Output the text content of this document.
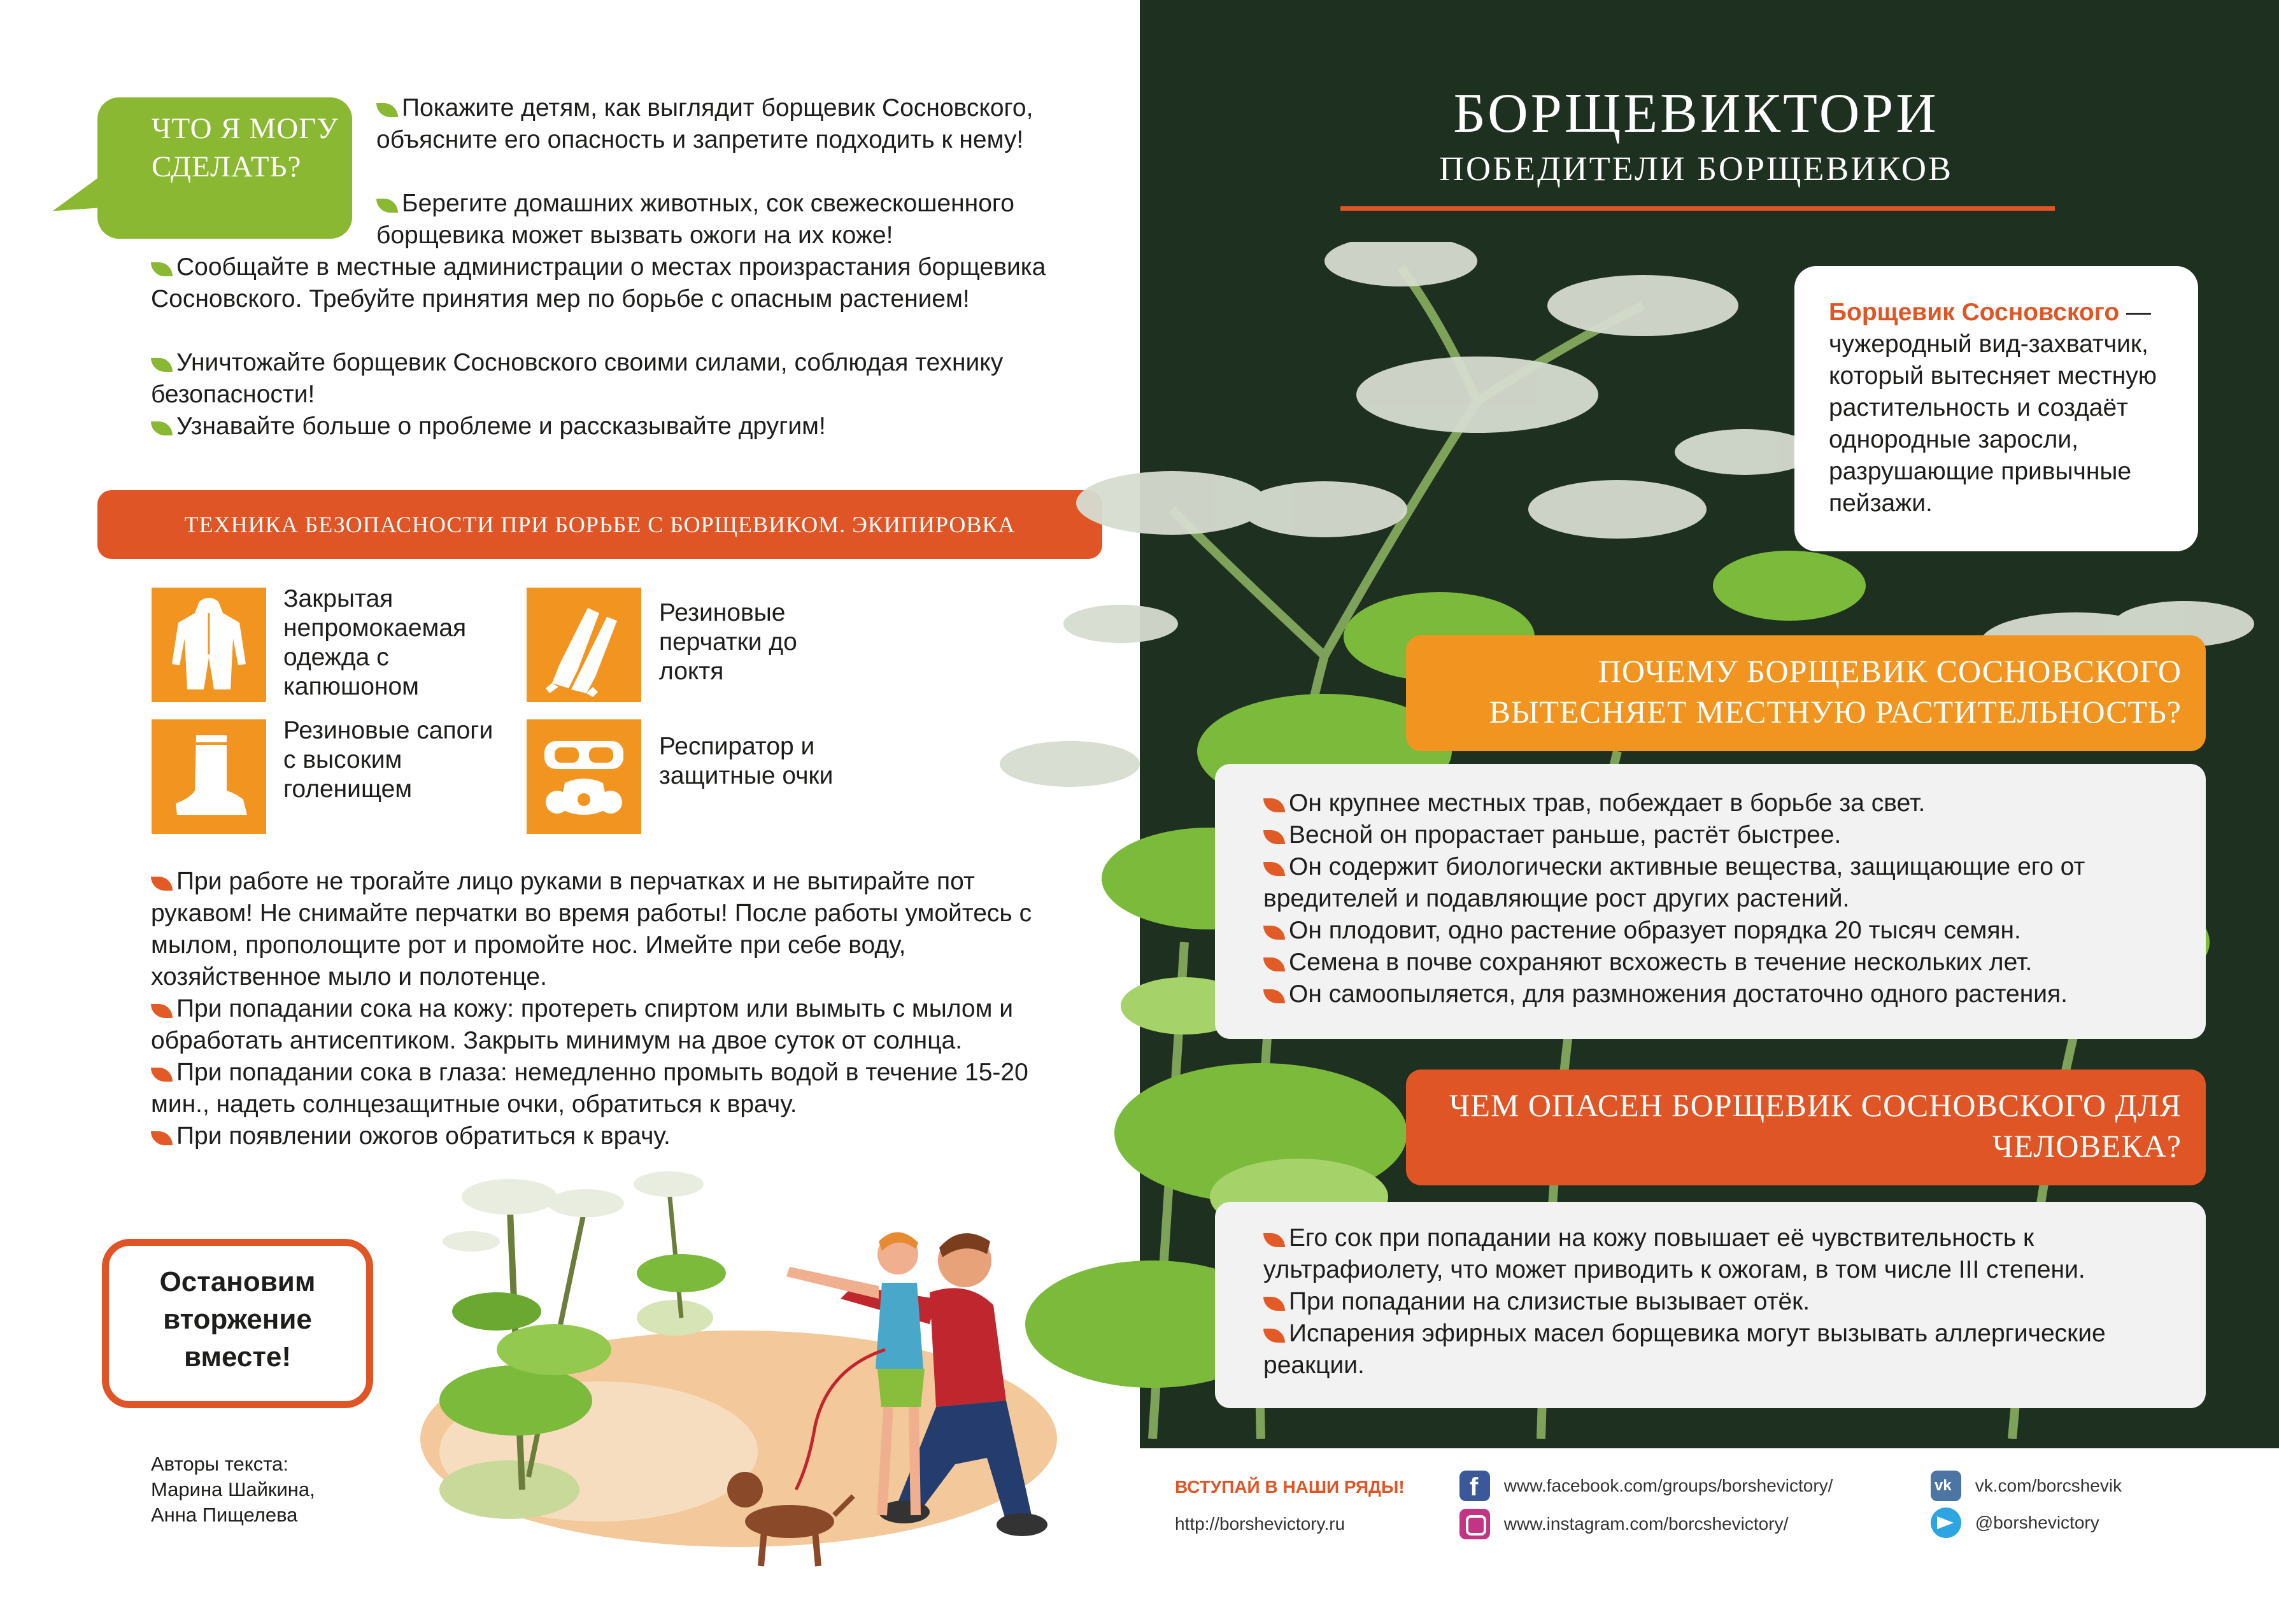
ЧТО Я МОГУ СДЕЛАТЬ?
Покажите детям, как выглядит борщевик Сосновского, объясните его опасность и запретите подходить к нему!
Берегите домашних животных, сок свежескошенного борщевика может вызвать ожоги на их коже!
Сообщайте в местные администрации о местах произрастания борщевика Сосновского. Требуйте принятия мер по борьбе с опасным растением!
Уничтожайте борщевик Сосновского своими силами, соблюдая технику безопасности!
Узнавайте больше о проблеме и рассказывайте другим!
ТЕХНИКА БЕЗОПАСНОСТИ ПРИ БОРЬБЕ С БОРЩЕВИКОМ. ЭКИПИРОВКА
Закрытая непромокаемая одежда с капюшоном
Резиновые перчатки до локтя
Резиновые сапоги с высоким голенищем
Респиратор и защитные очки
При работе не трогайте лицо руками в перчатках и не вытирайте пот рукавом! Не снимайте перчатки во время работы! После работы умойтесь с мылом, прополощите рот и промойте нос. Имейте при себе воду, хозяйственное мыло и полотенце.
При попадании сока на кожу: протереть спиртом или вымыть с мылом и обработать антисептиком. Закрыть минимум на двое суток от солнца.
При попадании сока в глаза: немедленно промыть водой в течение 15-20 мин., надеть солнцезащитные очки, обратиться к врачу.
При появлении ожогов обратиться к врачу.
Остановим вторжение вместе!
Авторы текста:
Марина Шайкина,
Анна Пищелева
БОРЩЕВИКТОРИ
ПОБЕДИТЕЛИ БОРЩЕВИКОВ
Борщевик Сосновского — чужеродный вид-захватчик, который вытесняет местную растительность и создаёт однородные заросли, разрушающие привычные пейзажи.
ПОЧЕМУ БОРЩЕВИК СОСНОВСКОГО ВЫТЕСНЯЕТ МЕСТНУЮ РАСТИТЕЛЬНОСТЬ?
Он крупнее местных трав, побеждает в борьбе за свет.
Весной он прорастает раньше, растёт быстрее.
Он содержит биологически активные вещества, защищающие его от вредителей и подавляющие рост других растений.
Он плодовит, одно растение образует порядка 20 тысяч семян.
Семена в почве сохраняют всхожесть в течение нескольких лет.
Он самоопыляется, для размножения достаточно одного растения.
ЧЕМ ОПАСЕН БОРЩЕВИК СОСНОВСКОГО ДЛЯ ЧЕЛОВЕКА?
Его сок при попадании на кожу повышает её чувствительность к ультрафиолету, что может приводить к ожогам, в том числе III степени.
При попадании на слизистые вызывает отёк.
Испарения эфирных масел борщевика могут вызывать аллергические реакции.
ВСТУПАЙ В НАШИ РЯДЫ!
http://borshevictory.ru
f www.facebook.com/groups/borshevictory/
www.instagram.com/borcshevictory/
vk vk.com/borcshevik
@borshevictory
